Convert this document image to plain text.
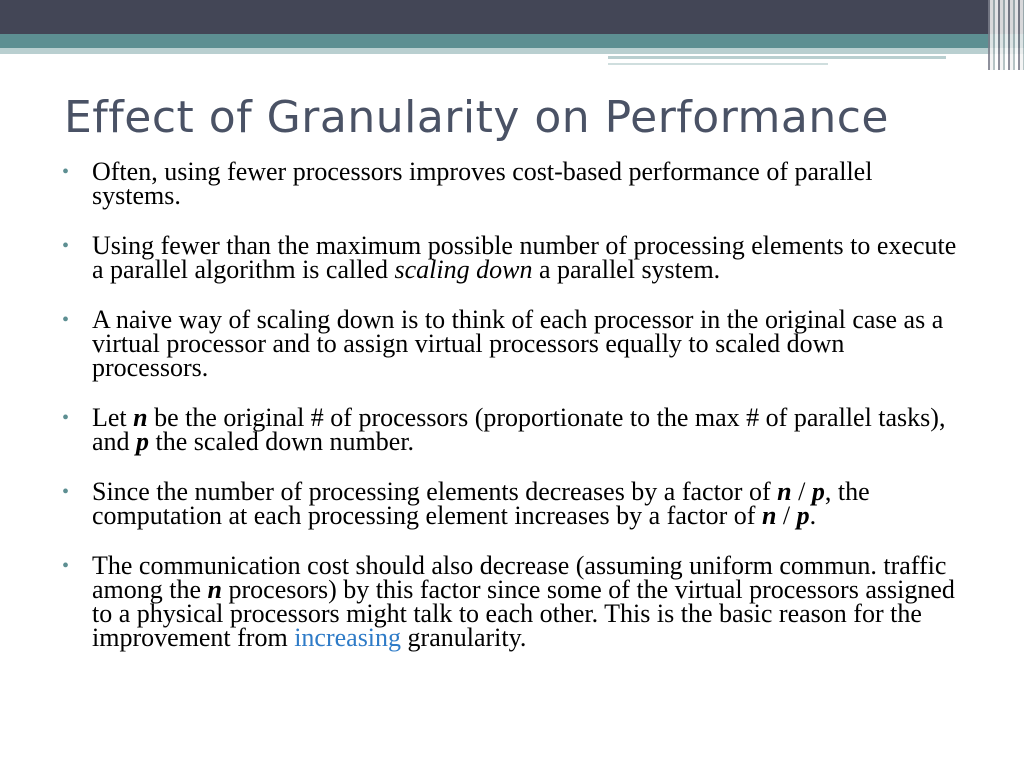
Effect of Granularity on Performance
• Often, using fewer processors improves cost-based performance of parallel systems.
• Using fewer than the maximum possible number of processing elements to execute a parallel algorithm is called scaling down a parallel system.
• A naive way of scaling down is to think of each processor in the original case as a virtual processor and to assign virtual processors equally to scaled down processors.
• Let n be the original # of processors (proportionate to the max # of parallel tasks), and p the scaled down number.
• Since the number of processing elements decreases by a factor of n / p, the computation at each processing element increases by a factor of n / p.
• The communication cost should also decrease (assuming uniform commun. traffic among the n procesors) by this factor since some of the virtual processors assigned to a physical processors might talk to each other. This is the basic reason for the improvement from increasing granularity.
